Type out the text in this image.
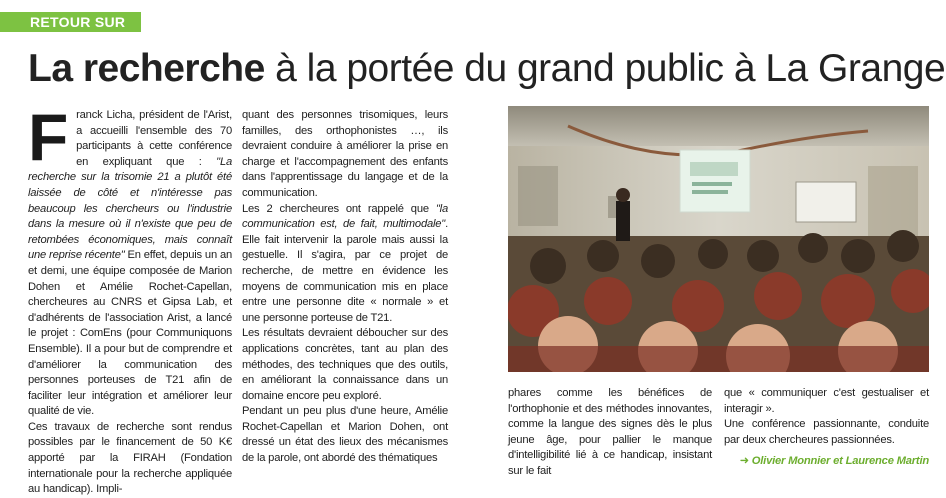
RETOUR SUR
La recherche à la portée du grand public à La Grange

Franck Licha, président de l'Arist, a accueilli l'ensemble des 70 participants à cette conférence en expliquant que : "La recherche sur la trisomie 21 a plutôt été laissée de côté et n'intéresse pas beaucoup les chercheurs ou l'industrie dans la mesure où il n'existe que peu de retombées économiques, mais connaît une reprise récente" En effet, depuis un an et demi, une équipe composée de Marion Dohen et Amélie Rochet-Capellan, chercheures au CNRS et Gipsa Lab, et d'adhérents de l'association Arist, a lancé le projet : ComEns (pour Communiquons Ensemble). Il a pour but de comprendre et d'améliorer la communication des personnes porteuses de T21 afin de faciliter leur intégration et améliorer leur qualité de vie.

Ces travaux de recherche sont rendus possibles par le financement de 50 K€ apporté par la FIRAH (Fondation internationale pour la recherche appliquée au handicap). Impli-

quant des personnes trisomiques, leurs familles, des orthophonistes …, ils devraient conduire à améliorer la prise en charge et l'accompagnement des enfants dans l'apprentissage du langage et de la communication.

Les 2 chercheures ont rappelé que "la communication est, de fait, multimodale". Elle fait intervenir la parole mais aussi la gestuelle. Il s'agira, par ce projet de recherche, de mettre en évidence les moyens de communication mis en place entre une personne dite « normale » et une personne porteuse de T21.

Les résultats devraient déboucher sur des applications concrètes, tant au plan des méthodes, des techniques que des outils, en améliorant la connaissance dans un domaine encore peu exploré.

Pendant un peu plus d'une heure, Amélie Rochet-Capellan et Marion Dohen, ont dressé un état des lieux des mécanismes de la parole, ont abordé des thématiques

phares comme les bénéfices de l'orthophonie et des méthodes innovantes, comme la langue des signes dès le plus jeune âge, pour pallier le manque d'intelligibilité lié à ce handicap, insistant sur le fait

que « communiquer c'est gestualiser et interagir ».

Une conférence passionnante, conduite par deux chercheures passionnées.

➜ Olivier Monnier et Laurence Martin
